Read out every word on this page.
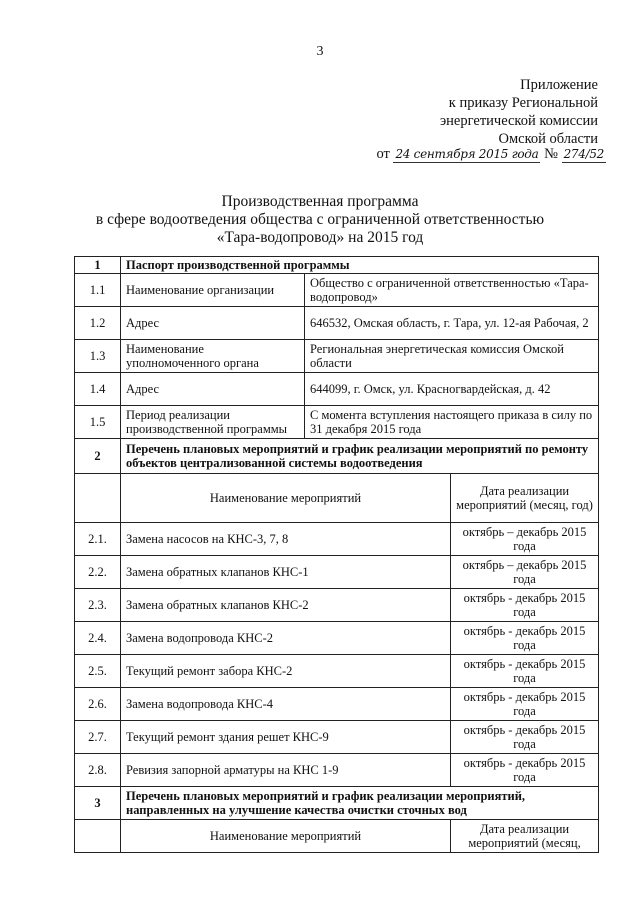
3
Приложение
к приказу Региональной
энергетической комиссии
Омской области
от 24 сентября 2015 года № 274/52
Производственная программа
в сфере водоотведения общества с ограниченной ответственностью
«Тара-водопровод» на 2015 год
1	Паспорт производственной программы		
1.1	Наименование организации	Общество с ограниченной ответственностью «Тара-водопровод»	
1.2	Адрес	646532, Омская область, г. Тара, ул. 12-ая Рабочая, 2	
1.3	Наименование уполномоченного органа	Региональная энергетическая комиссия Омской области	
1.4	Адрес	644099, г. Омск, ул. Красногвардейская, д. 42	
1.5	Период реализации производственной программы	С момента вступления настоящего приказа в силу по 31 декабря 2015 года	
2	Перечень плановых мероприятий и график реализации мероприятий по ремонту объектов централизованной системы водоотведения		
	Наименование мероприятий		Дата реализации мероприятий (месяц, год)
2.1.	Замена насосов на КНС-3, 7, 8		октябрь – декабрь 2015 года
2.2.	Замена обратных клапанов КНС-1		октябрь – декабрь 2015 года
2.3.	Замена обратных клапанов КНС-2		октябрь - декабрь 2015 года
2.4.	Замена водопровода КНС-2		октябрь - декабрь 2015 года
2.5.	Текущий ремонт забора КНС-2		октябрь - декабрь 2015 года
2.6.	Замена водопровода КНС-4		октябрь - декабрь 2015 года
2.7.	Текущий ремонт здания решет КНС-9		октябрь - декабрь 2015 года
2.8.	Ревизия запорной арматуры на КНС 1-9		октябрь - декабрь 2015 года
3	Перечень плановых мероприятий и график реализации мероприятий, направленных на улучшение качества очистки сточных вод		
	Наименование мероприятий		Дата реализации мероприятий (месяц,
